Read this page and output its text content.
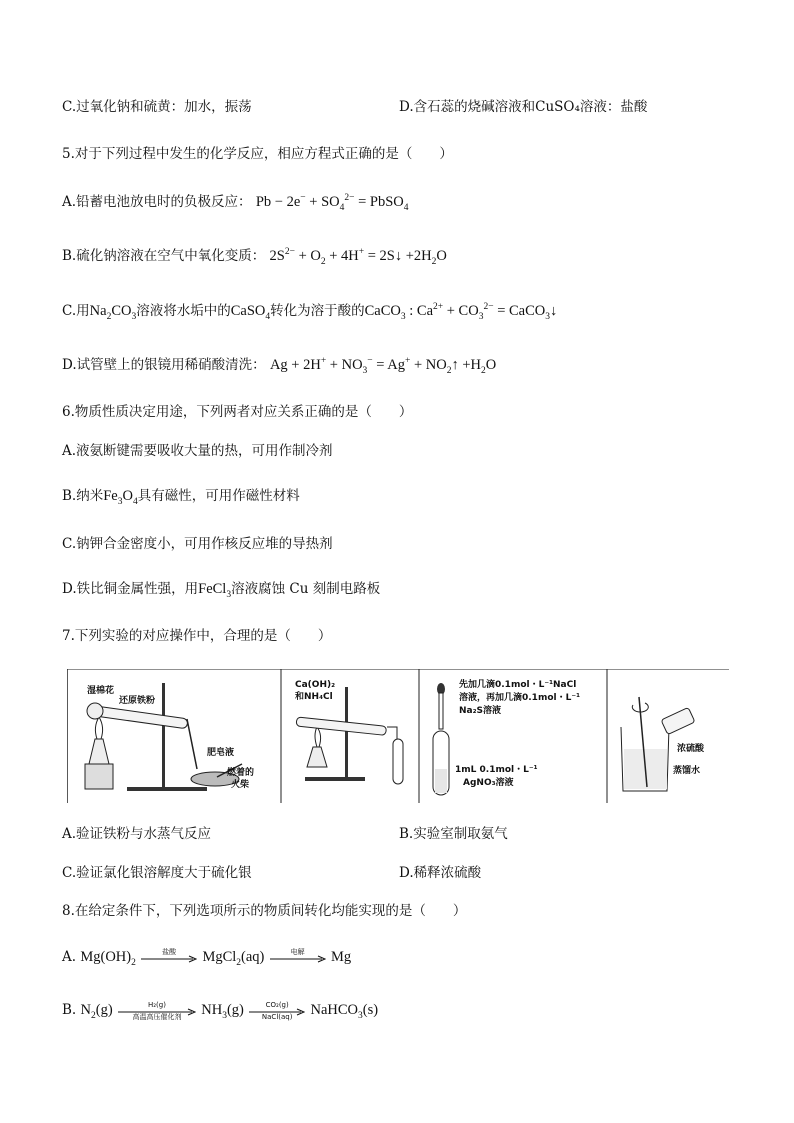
C.过氧化钠和硫黄：加水，振荡	D.含石蕊的烧碱溶液和CuSO₄溶液：盐酸
5.对于下列过程中发生的化学反应，相应方程式正确的是（　　）
A.铅蓄电池放电时的负极反应： $Pb - 2e^- + SO_4^{2-}$ = PbSO$_4$
B.硫化钠溶液在空气中氧化变质： $2S^{2-} + O_2 + 4H^+$ = 2S↓ $+2H_2O$
C.用$Na_2CO_3$溶液将水垢中的CaSO$_4$转化为溶于酸的CaCO$_3$ : $Ca^{2+} + CO_3^{2-}$ = CaCO$_3$↓
D.试管壁上的银镜用稀硝酸清洗： $Ag + 2H^+ + NO_3^- = Ag^+$ + $NO_2↑ +H_2O$
6.物质性质决定用途，下列两者对应关系正确的是（　　）
A.液氨断键需要吸收大量的热，可用作制冷剂
B.纳米$Fe_3O_4$具有磁性，可用作磁性材料
C.钠钾合金密度小，可用作核反应堆的导热剂
D.铁比铜金属性强，用FeCl$_3$溶液腐蚀 Cu 刻制电路板
7.下列实验的对应操作中，合理的是（　　）
湿棉花
还原铁粉
肥皂液
燃着的
火柴
Ca(OH)₂
和NH₄Cl
先加几滴0.1mol・L⁻¹NaCl
溶液，再加几滴0.1mol・L⁻¹
Na₂S溶液
1mL 0.1mol・L⁻¹
AgNO₃溶液
浓硫酸
蒸馏水
A.验证铁粉与水蒸气反应	B.实验室制取氨气
C.验证氯化银溶解度大于硫化银	D.稀释浓硫酸
8.在给定条件下，下列选项所示的物质间转化均能实现的是（　　）
A. $Mg(OH)_2$
盐酸	MgCl$_2$(aq)	电解	Mg
B. $N_2(g)$	H₂(g)
高温高压催化剂	$NH_3(g)$	CO₂(g)
NaCl(aq)	NaHCO$_3$(s)
